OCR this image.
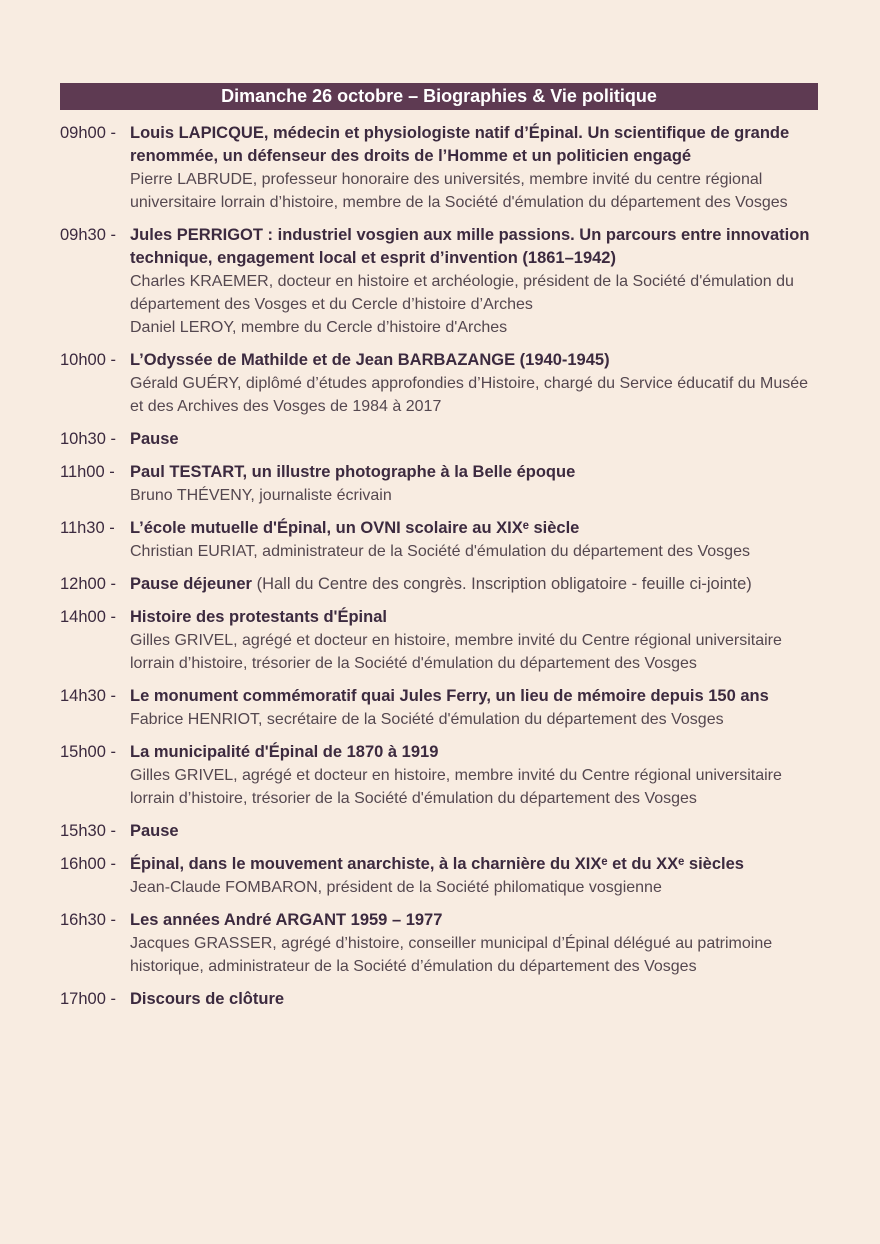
Dimanche 26 octobre – Biographies & Vie politique
09h00 - Louis LAPICQUE, médecin et physiologiste natif d’Épinal. Un scientifique de grande renommée, un défenseur des droits de l’Homme et un politicien engagé
Pierre LABRUDE, professeur honoraire des universités, membre invité du centre régional universitaire lorrain d’histoire, membre de la Société d'émulation du département des Vosges
09h30 - Jules PERRIGOT : industriel vosgien aux mille passions. Un parcours entre innovation technique, engagement local et esprit d’invention (1861–1942)
Charles KRAEMER, docteur en histoire et archéologie, président de la Société d'émulation du département des Vosges et du Cercle d’histoire d’Arches
Daniel LEROY, membre du Cercle d’histoire d'Arches
10h00 - L’Odyssée de Mathilde et de Jean BARBAZANGE (1940-1945)
Gérald GUÉRY, diplômé d’études approfondies d’Histoire, chargé du Service éducatif du Musée et des Archives des Vosges de 1984 à 2017
10h30 - Pause
11h00 - Paul TESTART, un illustre photographe à la Belle époque
Bruno THÉVENY, journaliste écrivain
11h30 - L’école mutuelle d'Épinal, un OVNI scolaire au XIXᵉ siècle
Christian EURIAT, administrateur de la Société d'émulation du département des Vosges
12h00 - Pause déjeuner (Hall du Centre des congrès. Inscription obligatoire - feuille ci-jointe)
14h00 - Histoire des protestants d'Épinal
Gilles GRIVEL, agrégé et docteur en histoire, membre invité du Centre régional universitaire lorrain d’histoire, trésorier de la Société d'émulation du département des Vosges
14h30 - Le monument commémoratif quai Jules Ferry, un lieu de mémoire depuis 150 ans
Fabrice HENRIOT, secrétaire de la Société d'émulation du département des Vosges
15h00 - La municipalité d'Épinal de 1870 à 1919
Gilles GRIVEL, agrégé et docteur en histoire, membre invité du Centre régional universitaire lorrain d’histoire, trésorier de la Société d'émulation du département des Vosges
15h30 - Pause
16h00 - Épinal, dans le mouvement anarchiste, à la charnière du XIXᵉ et du XXᵉ siècles
Jean-Claude FOMBARON, président de la Société philomatique vosgienne
16h30 - Les années André ARGANT 1959 – 1977
Jacques GRASSER, agrégé d’histoire, conseiller municipal d’Épinal délégué au patrimoine historique, administrateur de la Société d’émulation du département des Vosges
17h00 - Discours de clôture
